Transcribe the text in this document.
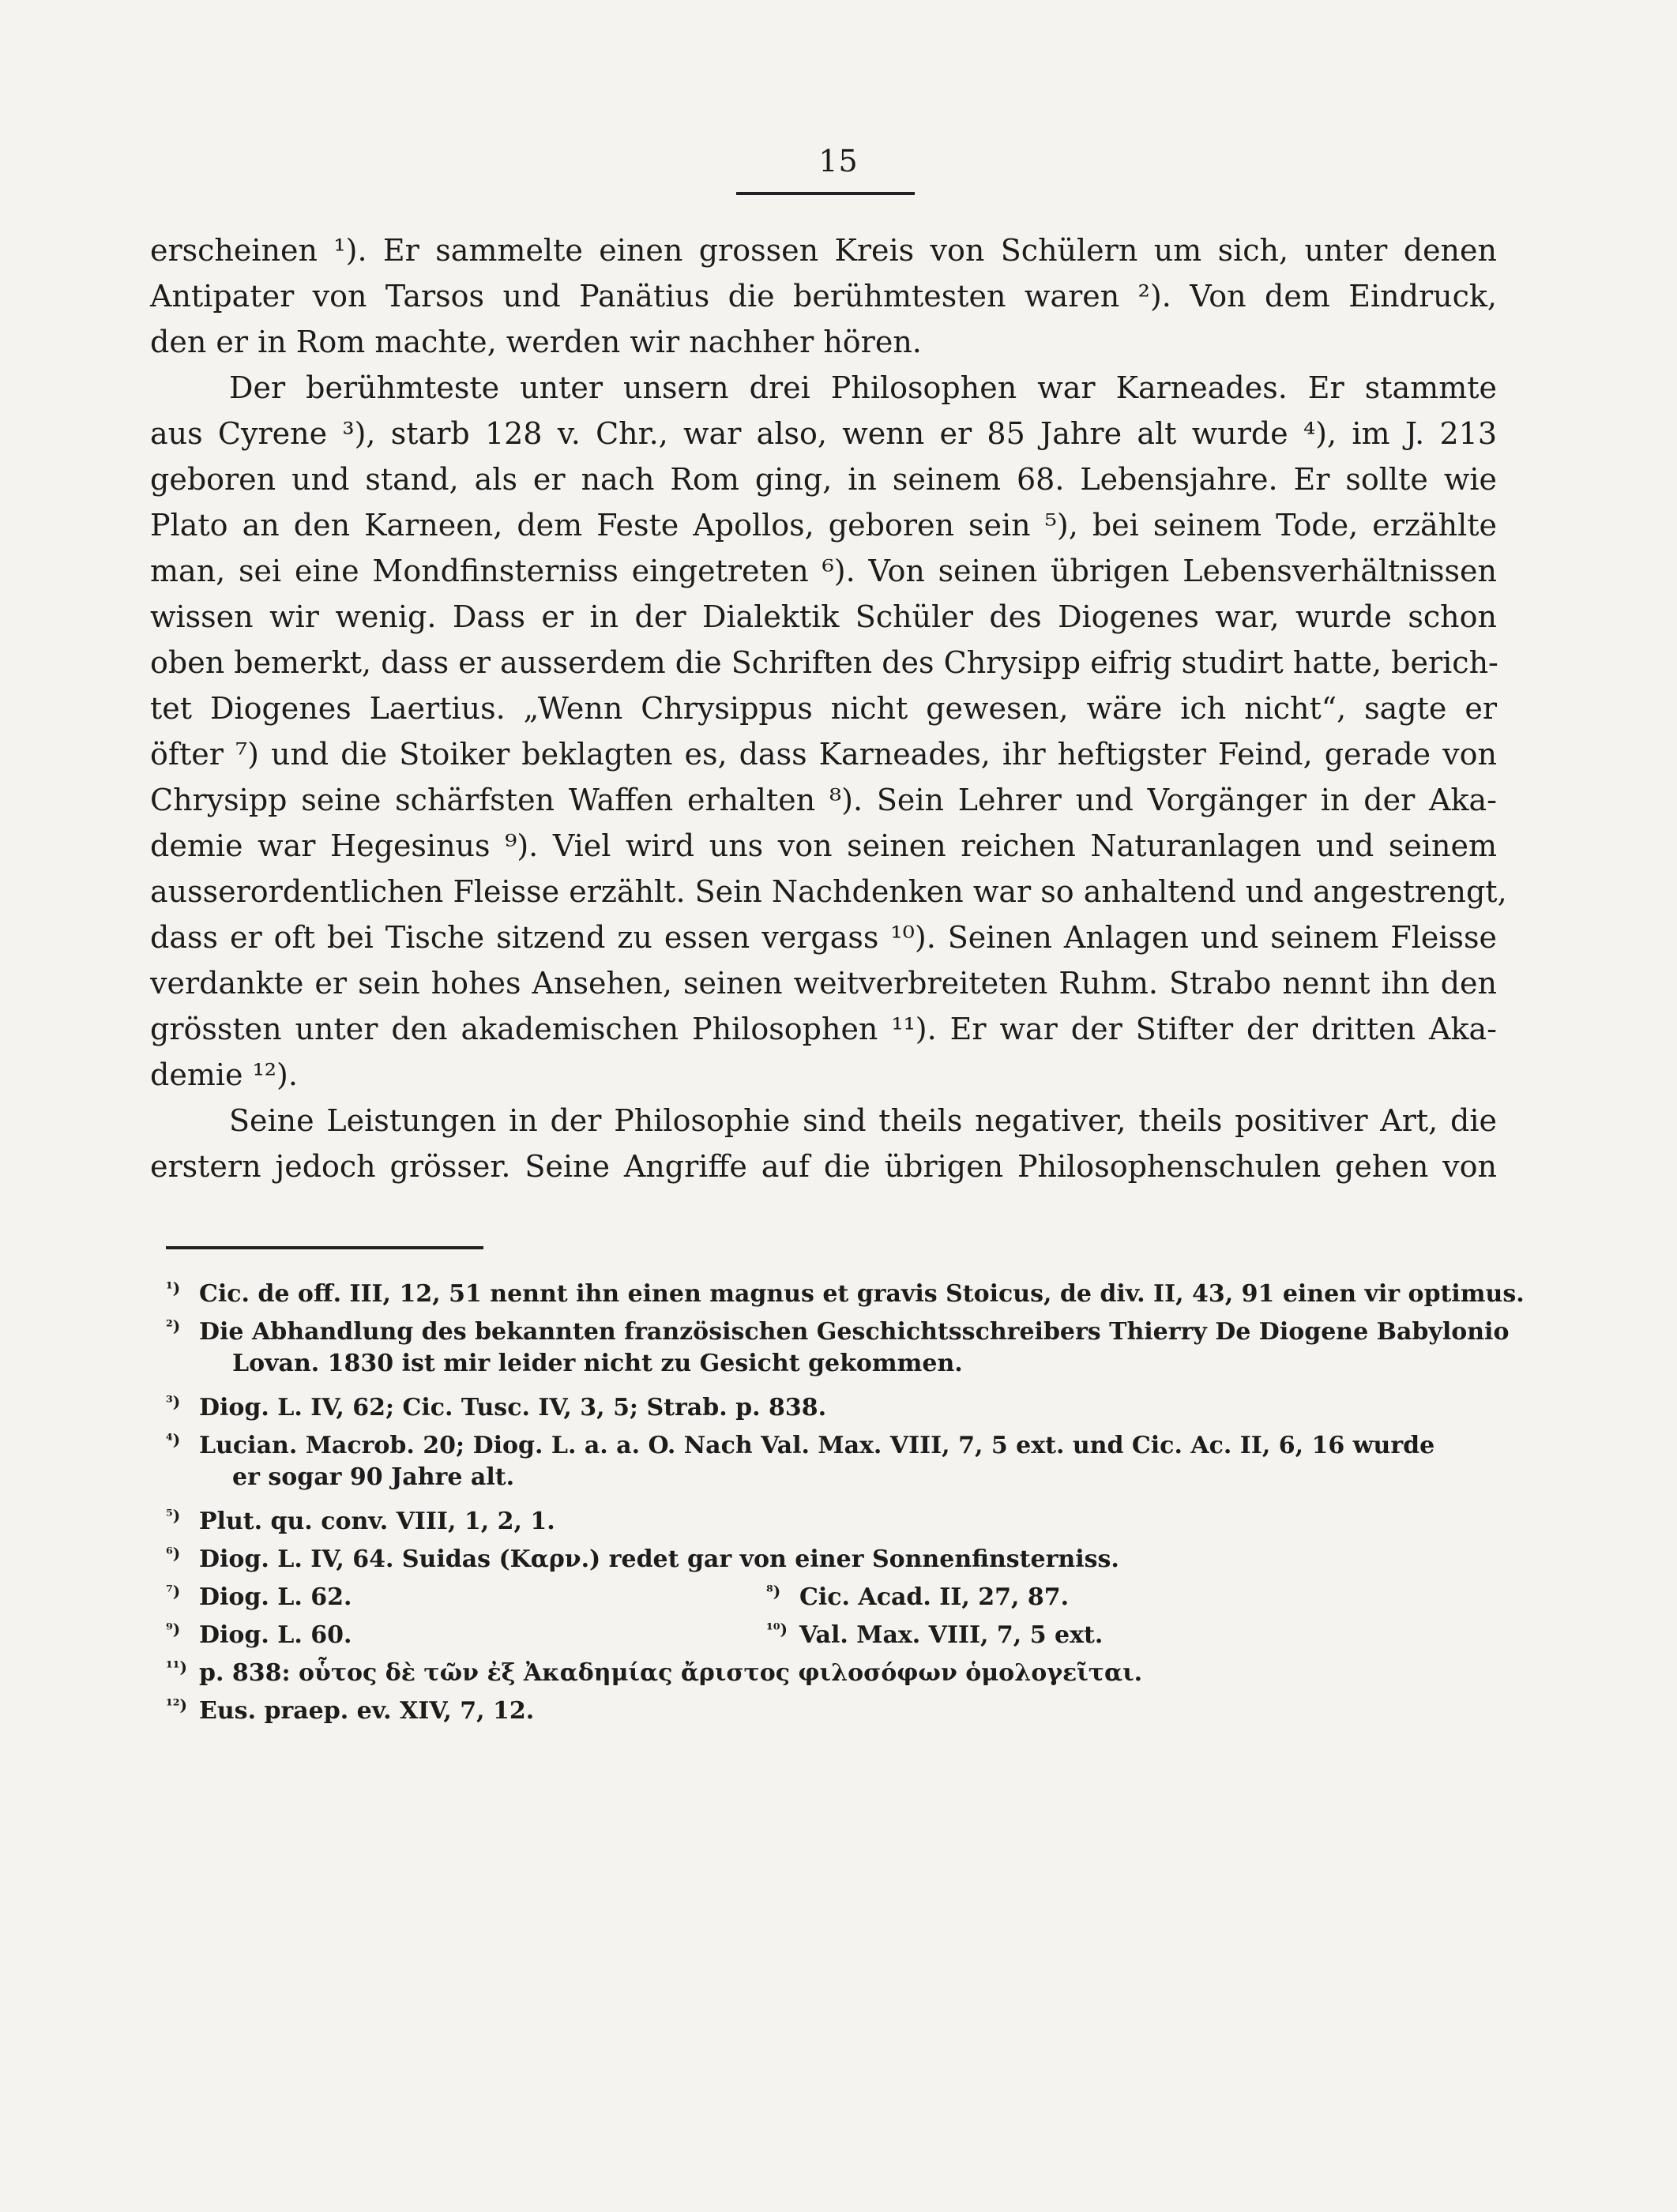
15
erscheinen ¹). Er sammelte einen grossen Kreis von Schülern um sich, unter denen
Antipater von Tarsos und Panätius die berühmtesten waren ²). Von dem Eindruck,
den er in Rom machte, werden wir nachher hören.
Der berühmteste unter unsern drei Philosophen war Karneades. Er stammte
aus Cyrene ³), starb 128 v. Chr., war also, wenn er 85 Jahre alt wurde ⁴), im J. 213
geboren und stand, als er nach Rom ging, in seinem 68. Lebensjahre. Er sollte wie
Plato an den Karneen, dem Feste Apollos, geboren sein ⁵), bei seinem Tode, erzählte
man, sei eine Mondfinsterniss eingetreten ⁶). Von seinen übrigen Lebensverhältnissen
wissen wir wenig. Dass er in der Dialektik Schüler des Diogenes war, wurde schon
oben bemerkt, dass er ausserdem die Schriften des Chrysipp eifrig studirt hatte, berich-
tet Diogenes Laertius. „Wenn Chrysippus nicht gewesen, wäre ich nicht“, sagte er
öfter ⁷) und die Stoiker beklagten es, dass Karneades, ihr heftigster Feind, gerade von
Chrysipp seine schärfsten Waffen erhalten ⁸). Sein Lehrer und Vorgänger in der Aka-
demie war Hegesinus ⁹). Viel wird uns von seinen reichen Naturanlagen und seinem
ausserordentlichen Fleisse erzählt. Sein Nachdenken war so anhaltend und angestrengt,
dass er oft bei Tische sitzend zu essen vergass ¹⁰). Seinen Anlagen und seinem Fleisse
verdankte er sein hohes Ansehen, seinen weitverbreiteten Ruhm. Strabo nennt ihn den
grössten unter den akademischen Philosophen ¹¹). Er war der Stifter der dritten Aka-
demie ¹²).
Seine Leistungen in der Philosophie sind theils negativer, theils positiver Art, die
erstern jedoch grösser. Seine Angriffe auf die übrigen Philosophenschulen gehen von
¹) Cic. de off. III, 12, 51 nennt ihn einen magnus et gravis Stoicus, de div. II, 43, 91 einen vir optimus.
²) Die Abhandlung des bekannten französischen Geschichtsschreibers Thierry De Diogene Babylonio
Lovan. 1830 ist mir leider nicht zu Gesicht gekommen.
³) Diog. L. IV, 62; Cic. Tusc. IV, 3, 5; Strab. p. 838.
⁴) Lucian. Macrob. 20; Diog. L. a. a. O. Nach Val. Max. VIII, 7, 5 ext. und Cic. Ac. II, 6, 16 wurde
er sogar 90 Jahre alt.
⁵) Plut. qu. conv. VIII, 1, 2, 1.
⁶) Diog. L. IV, 64. Suidas (Καρν.) redet gar von einer Sonnenfinsterniss.
⁷) Diog. L. 62.	⁸) Cic. Acad. II, 27, 87.
⁹) Diog. L. 60.	¹⁰) Val. Max. VIII, 7, 5 ext.
¹¹) p. 838: οὗτος δὲ τῶν ἐξ Ἀκαδημίας ἄριστος φιλοσόφων ὁμολογεῖται.
¹²) Eus. praep. ev. XIV, 7, 12.
